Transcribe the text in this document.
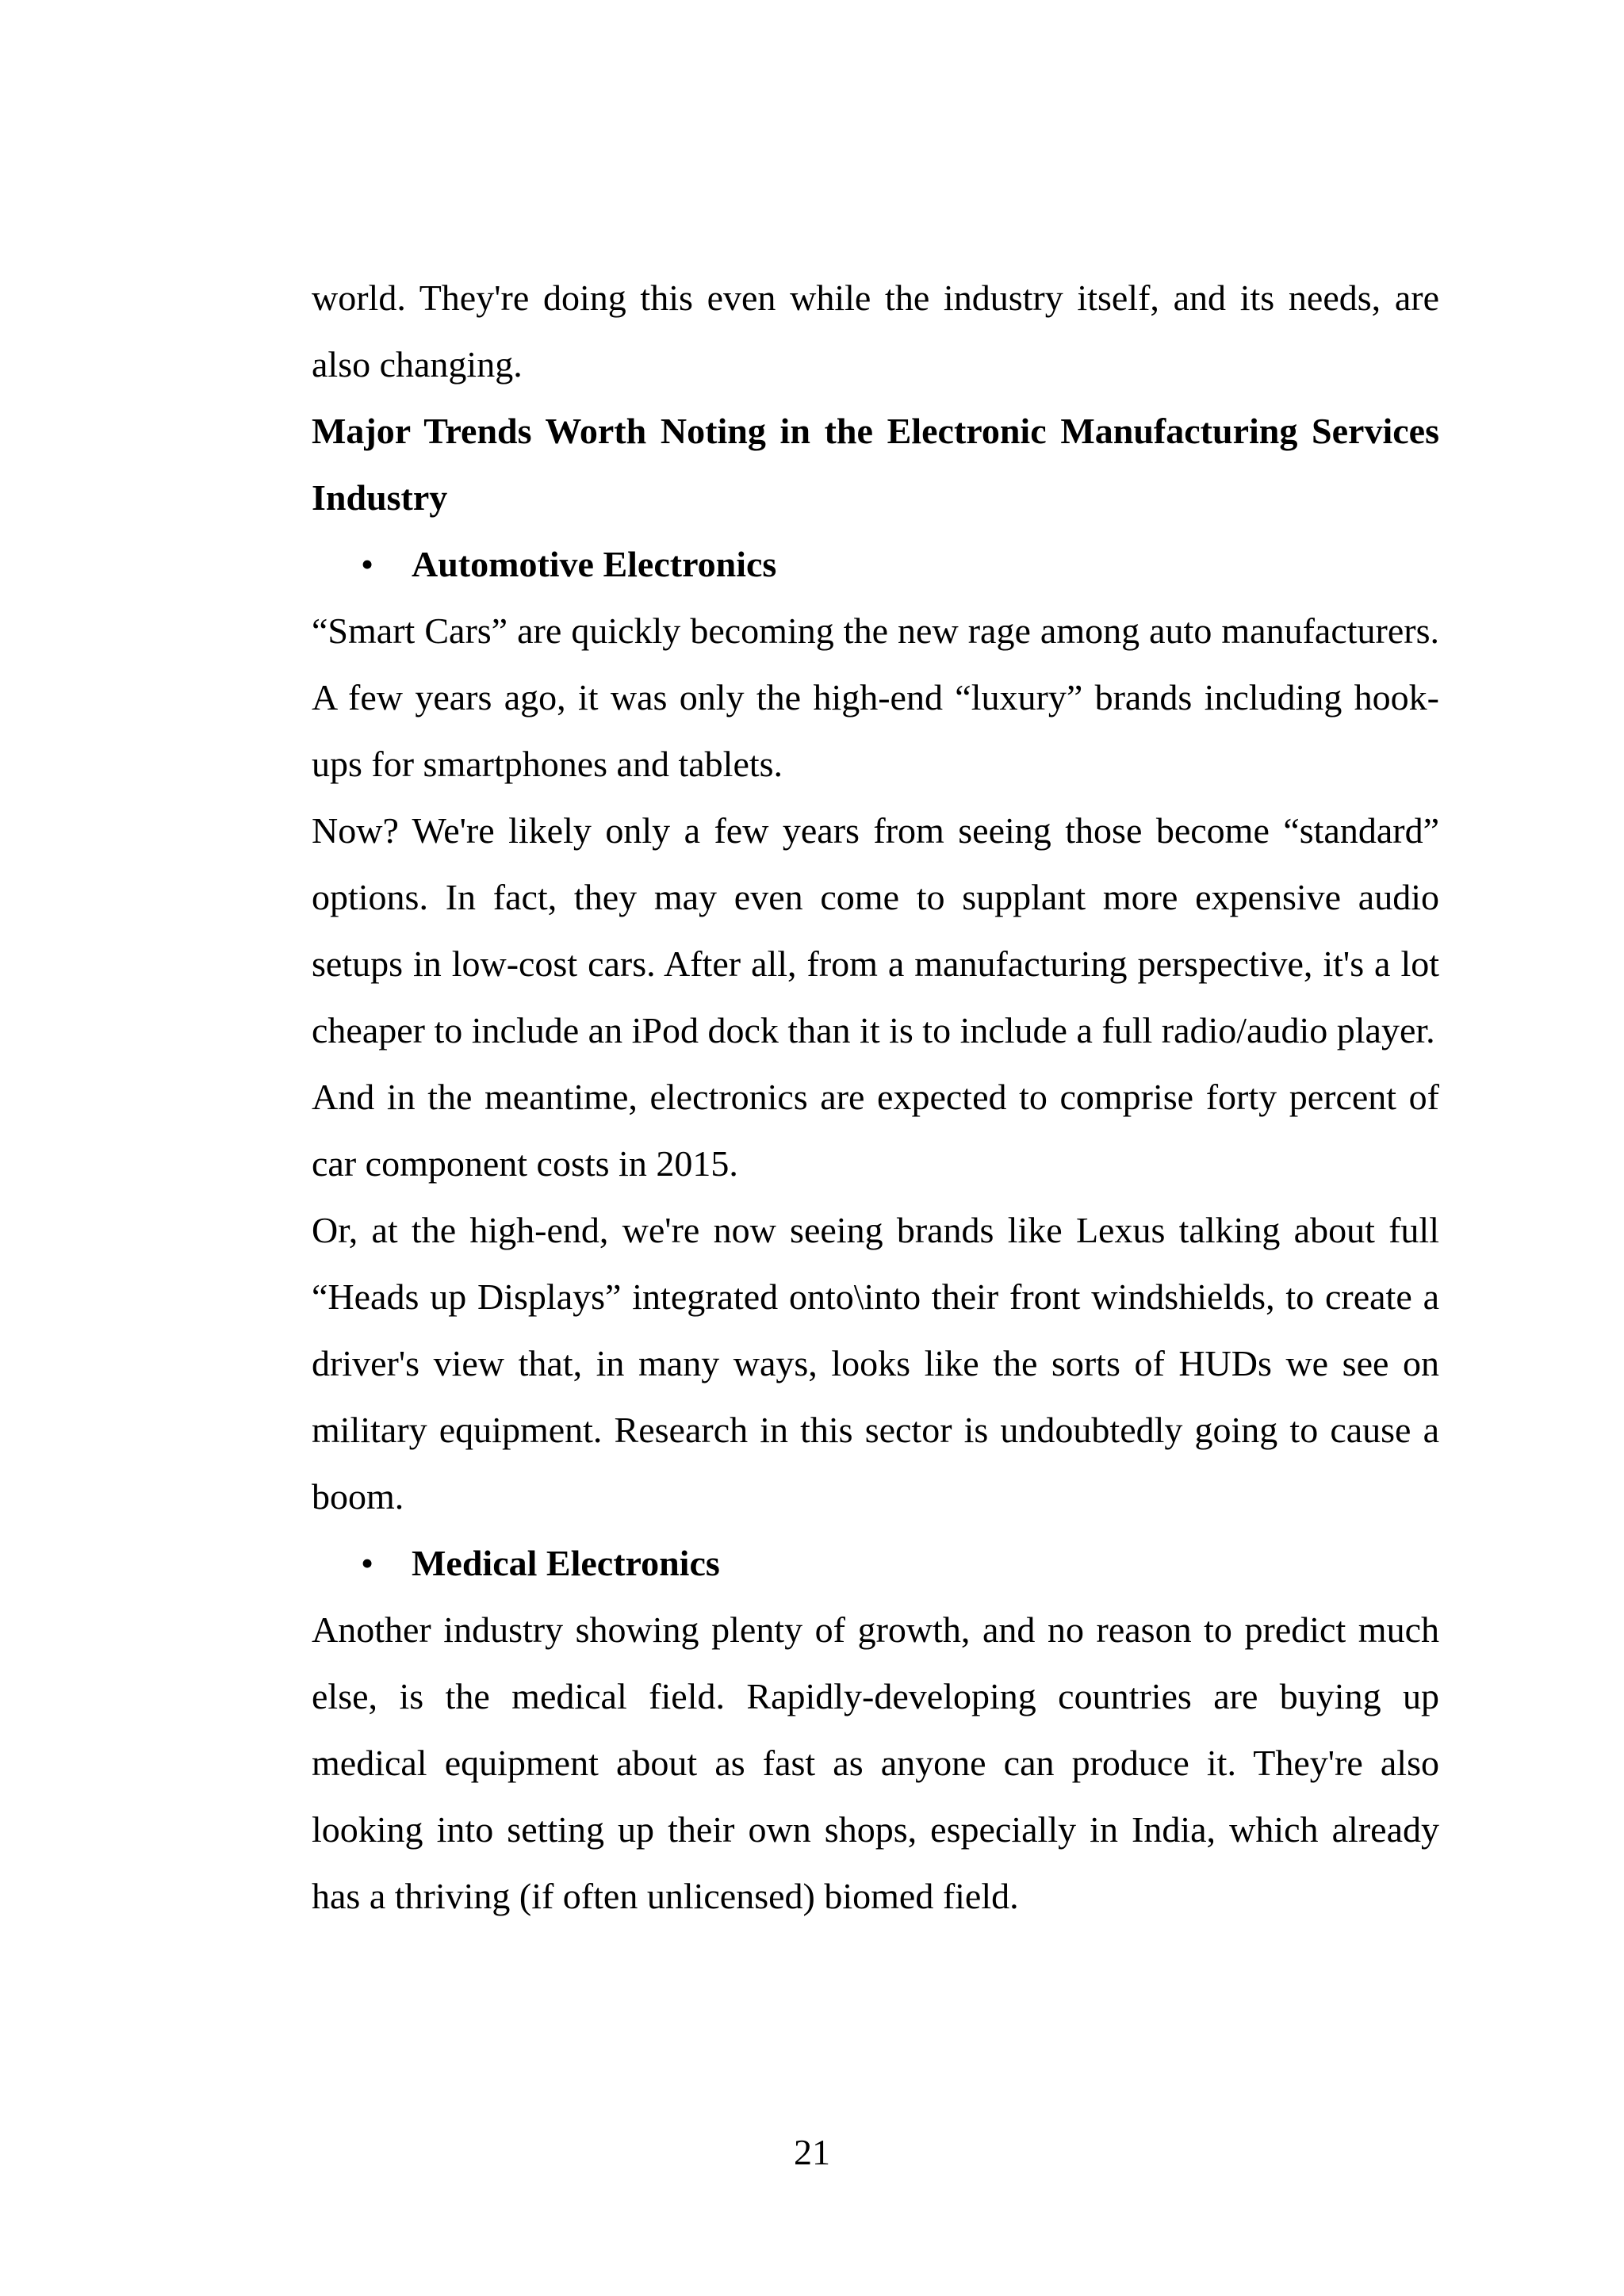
world. They're doing this even while the industry itself, and its needs, are also changing.

Major Trends Worth Noting in the Electronic Manufacturing Services Industry

•	Automotive Electronics

“Smart Cars” are quickly becoming the new rage among auto manufacturers. A few years ago, it was only the high-end “luxury” brands including hook-ups for smartphones and tablets.

Now? We're likely only a few years from seeing those become “standard” options. In fact, they may even come to supplant more expensive audio setups in low-cost cars. After all, from a manufacturing perspective, it's a lot cheaper to include an iPod dock than it is to include a full radio/audio player.

And in the meantime, electronics are expected to comprise forty percent of car component costs in 2015.

Or, at the high-end, we're now seeing brands like Lexus talking about full “Heads up Displays” integrated onto\into their front windshields, to create a driver's view that, in many ways, looks like the sorts of HUDs we see on military equipment. Research in this sector is undoubtedly going to cause a boom.

•	Medical Electronics

Another industry showing plenty of growth, and no reason to predict much else, is the medical field. Rapidly-developing countries are buying up medical equipment about as fast as anyone can produce it. They're also looking into setting up their own shops, especially in India, which already has a thriving (if often unlicensed) biomed field.

21
